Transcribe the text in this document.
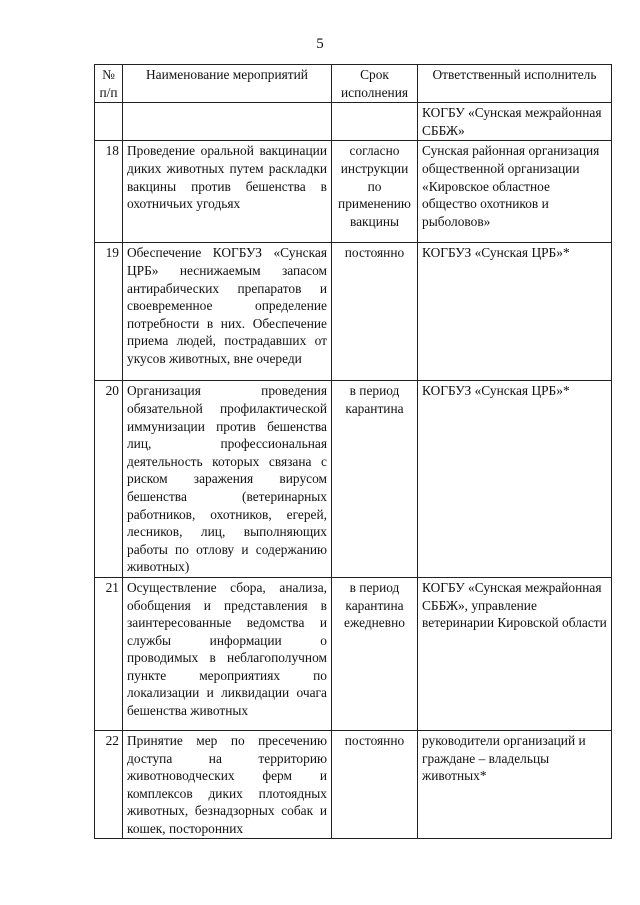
5
№ п/п	Наименование мероприятий	Срок исполнения	Ответственный исполнитель
			КОГБУ «Сунская межрайонная СББЖ»
18	Проведение оральной вакцинации диких животных путем раскладки вакцины против бешенства в охотничьих угодьях	согласно инструкции по применению вакцины	Сунская районная организация общественной организации «Кировское областное общество охотников и рыболовов»
19	Обеспечение КОГБУЗ «Сунская ЦРБ» неснижаемым запасом антирабических препаратов и своевременное определение потребности в них. Обеспечение приема людей, пострадавших от укусов животных, вне очереди	постоянно	КОГБУЗ «Сунская ЦРБ»*
20	Организация проведения обязательной профилактической иммунизации против бешенства лиц, профессиональная деятельность которых связана с риском заражения вирусом бешенства (ветеринарных работников, охотников, егерей, лесников, лиц, выполняющих работы по отлову и содержанию животных)	в период карантина	КОГБУЗ «Сунская ЦРБ»*
21	Осуществление сбора, анализа, обобщения и представления в заинтересованные ведомства и службы информации о проводимых в неблагополучном пункте мероприятиях по локализации и ликвидации очага бешенства животных	в период карантина ежедневно	КОГБУ «Сунская межрайонная СББЖ», управление ветеринарии Кировской области
22	Принятие мер по пресечению доступа на территорию животноводческих ферм и комплексов диких плотоядных животных, безнадзорных собак и кошек, посторонних	постоянно	руководители организаций и граждане – владельцы животных*
